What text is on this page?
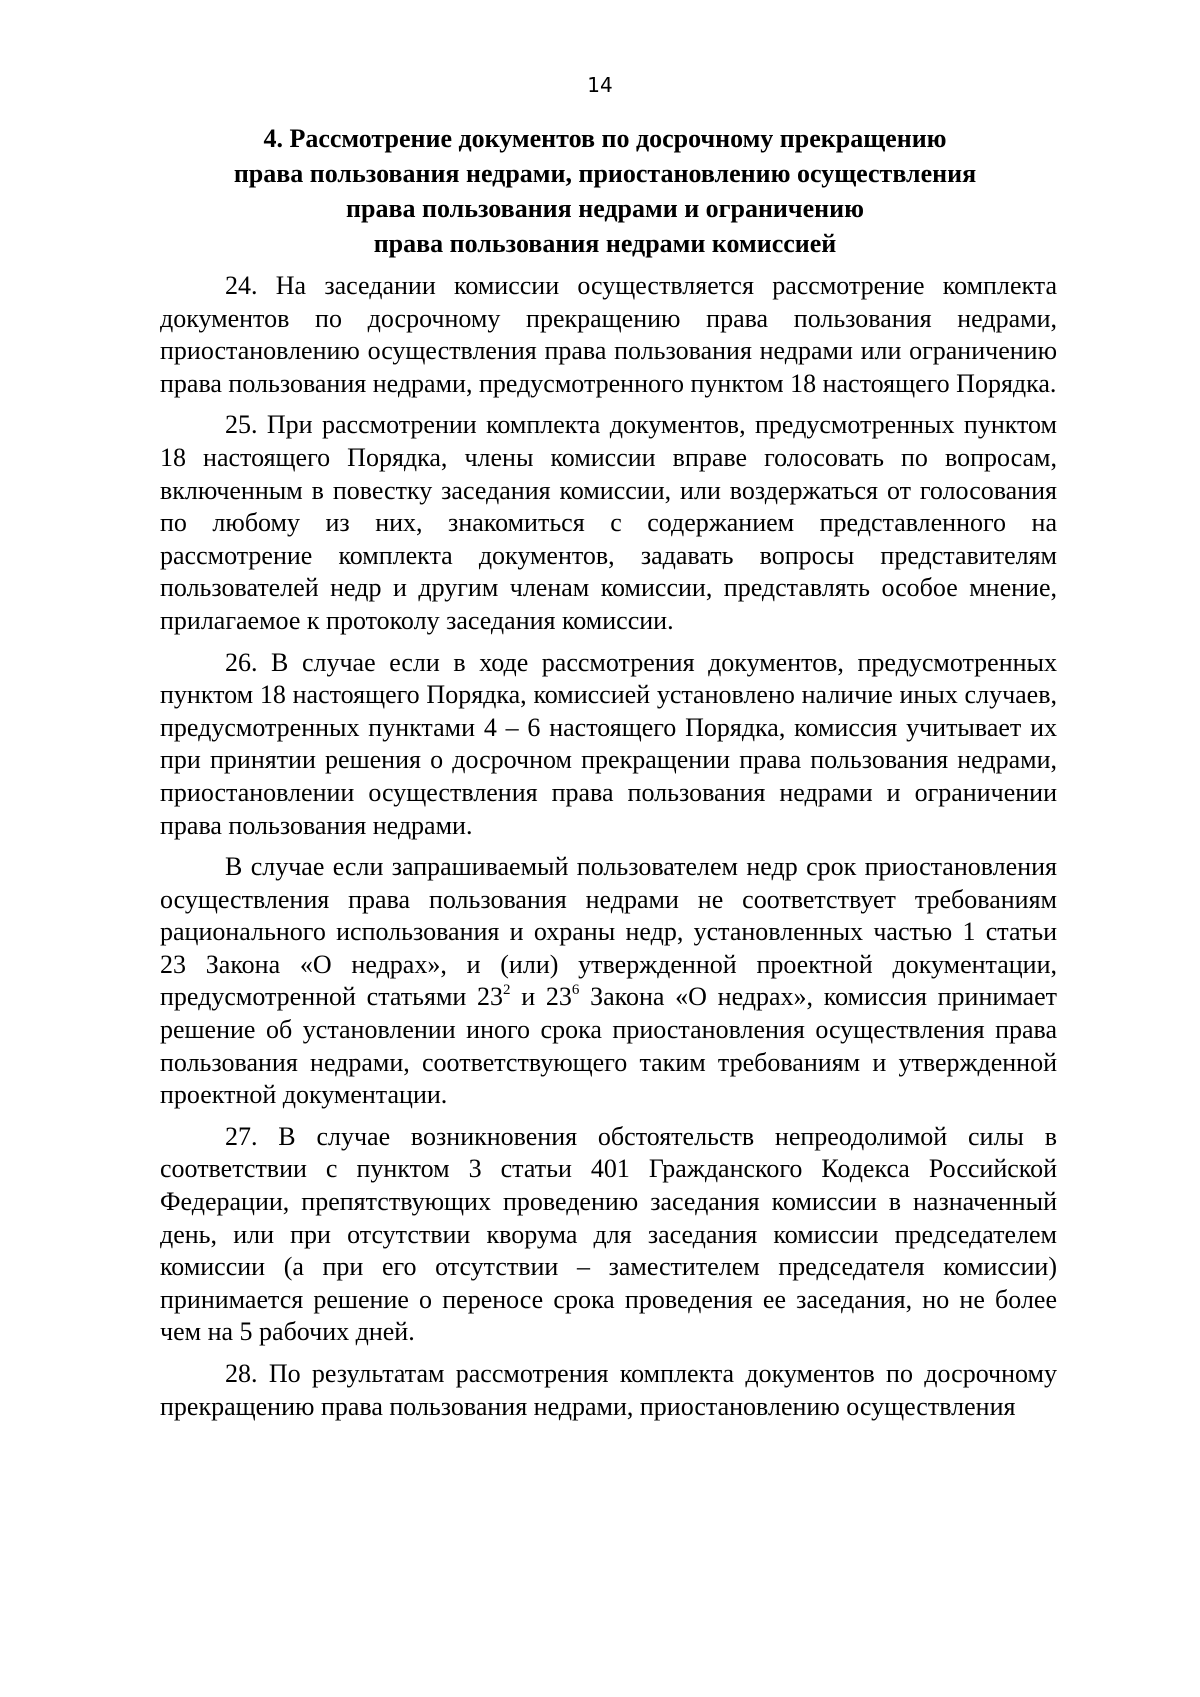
14
4. Рассмотрение документов по досрочному прекращению
права пользования недрами, приостановлению осуществления
права пользования недрами и ограничению
права пользования недрами комиссией

24. На заседании комиссии осуществляется рассмотрение комплекта документов по досрочному прекращению права пользования недрами, приостановлению осуществления права пользования недрами или ограничению права пользования недрами, предусмотренного пунктом 18 настоящего Порядка.

25. При рассмотрении комплекта документов, предусмотренных пунктом 18 настоящего Порядка, члены комиссии вправе голосовать по вопросам, включенным в повестку заседания комиссии, или воздержаться от голосования по любому из них, знакомиться с содержанием представленного на рассмотрение комплекта документов, задавать вопросы представителям пользователей недр и другим членам комиссии, представлять особое мнение, прилагаемое к протоколу заседания комиссии.

26. В случае если в ходе рассмотрения документов, предусмотренных пунктом 18 настоящего Порядка, комиссией установлено наличие иных случаев, предусмотренных пунктами 4 – 6 настоящего Порядка, комиссия учитывает их при принятии решения о досрочном прекращении права пользования недрами, приостановлении осуществления права пользования недрами и ограничении права пользования недрами.

В случае если запрашиваемый пользователем недр срок приостановления осуществления права пользования недрами не соответствует требованиям рационального использования и охраны недр, установленных частью 1 статьи 23 Закона «О недрах», и (или) утвержденной проектной документации, предусмотренной статьями $23^2$ и $23^6$ Закона «О недрах», комиссия принимает решение об установлении иного срока приостановления осуществления права пользования недрами, соответствующего таким требованиям и утвержденной проектной документации.

27. В случае возникновения обстоятельств непреодолимой силы в соответствии с пунктом 3 статьи 401 Гражданского Кодекса Российской Федерации, препятствующих проведению заседания комиссии в назначенный день, или при отсутствии кворума для заседания комиссии председателем комиссии (а при его отсутствии – заместителем председателя комиссии) принимается решение о переносе срока проведения ее заседания, но не более чем на 5 рабочих дней.

28. По результатам рассмотрения комплекта документов по досрочному прекращению права пользования недрами, приостановлению осуществления
